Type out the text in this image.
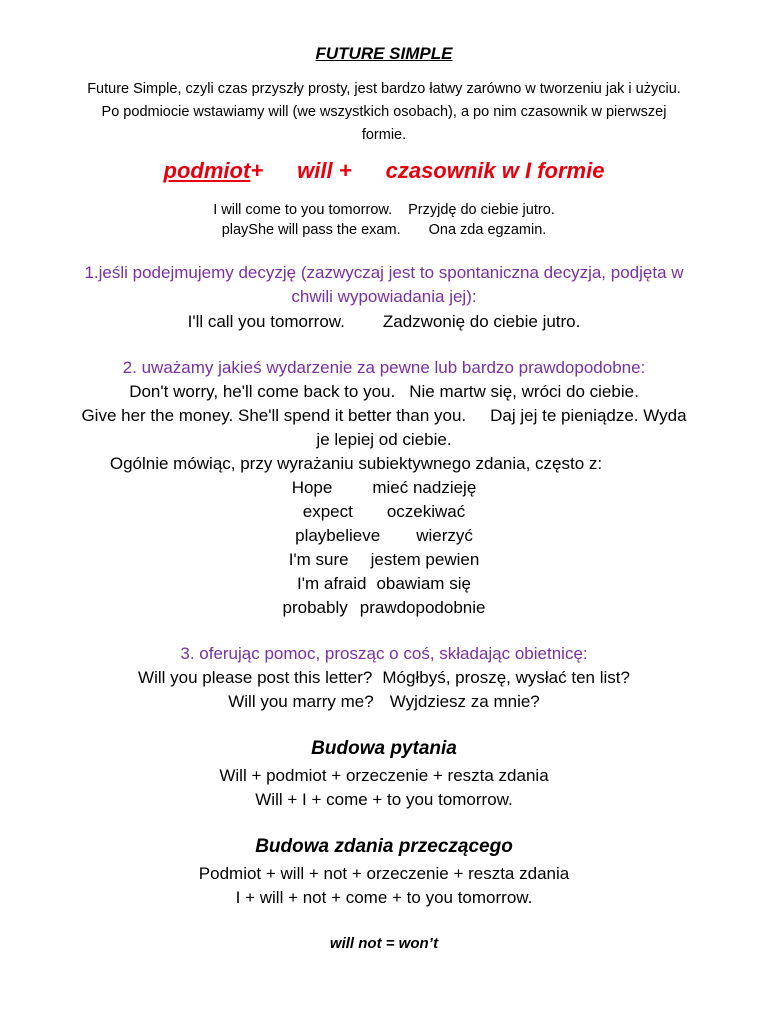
FUTURE SIMPLE
Future Simple, czyli czas przyszły prosty, jest bardzo łatwy zarówno w tworzeniu jak i użyciu.
Po podmiocie wstawiamy will (we wszystkich osobach), a po nim czasownik w pierwszej
formie.
podmiot+ will + czasownik w I formie
I will come to you tomorrow. Przyjdę do ciebie jutro.
playShe will pass the exam. Ona zda egzamin.
1.jeśli podejmujemy decyzję (zazwyczaj jest to spontaniczna decyzja, podjęta w
chwili wypowiadania jej):
I'll call you tomorrow. Zadzwonię do ciebie jutro.
2. uważamy jakieś wydarzenie za pewne lub bardzo prawdopodobne:
Don't worry, he'll come back to you. Nie martw się, wróci do ciebie.
Give her the money. She'll spend it better than you. Daj jej te pieniądze. Wyda
je lepiej od ciebie.
Ogólnie mówiąc, przy wyrażaniu subiektywnego zdania, często z:
Hope mieć nadzieję
expect oczekiwać
playbelieve wierzyć
I'm sure jestem pewien
I'm afraid obawiam się
probably prawdopodobnie
3. oferując pomoc, prosząc o coś, składając obietnicę:
Will you please post this letter? Mógłbyś, proszę, wysłać ten list?
Will you marry me? Wyjdziesz za mnie?
Budowa pytania
Will + podmiot + orzeczenie + reszta zdania
Will + I + come + to you tomorrow.
Budowa zdania przeczącego
Podmiot + will + not + orzeczenie + reszta zdania
I + will + not + come + to you tomorrow.
will not = won’t
